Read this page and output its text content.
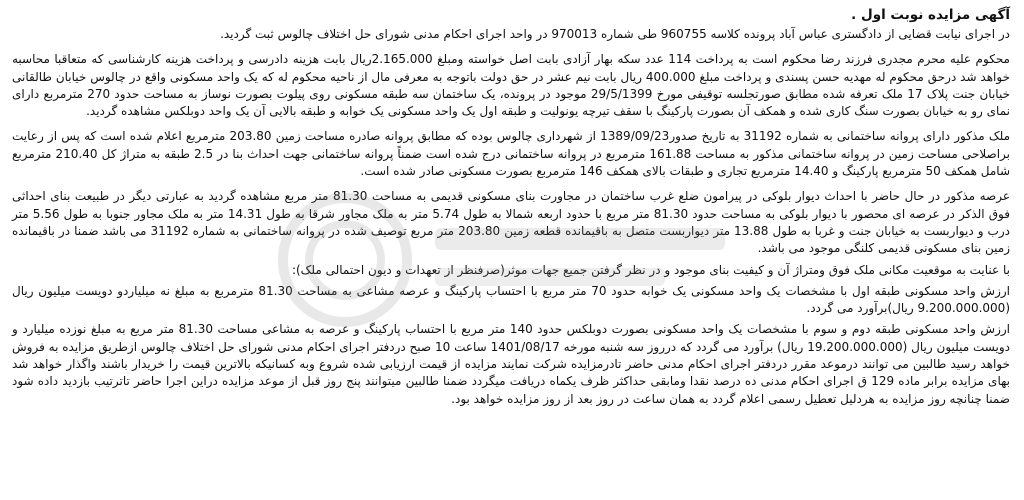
آگهی مزایده نوبت اول .

در اجرای نیابت قضایی از دادگستری عباس آباد پرونده کلاسه 960755 طی شماره 970013 در واحد اجرای احکام مدنی شورای حل اختلاف چالوس ثبت گردید.

محکوم علیه محرم مجدری فرزند رضا محکوم است به پرداخت 114 عدد سکه بهار آزادی بابت اصل خواسته ومبلغ 2.165.000ریال بابت هزینه دادرسی و پرداخت هزینه کارشناسی که متعاقبا محاسبه خواهد شد درحق محکوم له مهدیه حسن پسندی و پرداخت مبلغ 400.000 ریال بابت نیم عشر در حق دولت باتوجه به معرفی مال از ناحیه محکوم له که یک واحد مسکونی واقع در چالوس خیابان طالقانی خیابان جنت پلاک 17 ملک تعرفه شده مطابق صورتجلسه توقیفی مورخ 29/5/1399 موجود در پرونده، یک ساختمان سه طبقه مسکونی روی پیلوت بصورت نوساز به مساحت حدود 270 مترمربع دارای نمای رو به خیابان بصورت سنگ کاری شده و همکف آن بصورت پارکینگ با سقف تیرچه یونولیت و طبقه اول یک واحد مسکونی یک خوابه و طبقه بالایی آن یک واحد دوبلکس مشاهده گردید.

ملک مذکور دارای پروانه ساختمانی به شماره 31192 به تاریخ صدور1389/09/23 از شهرداری چالوس بوده که مطابق پروانه صادره مساحت زمین 203.80 مترمربع اعلام شده است که پس از رعایت براصلاحی مساحت زمین در پروانه ساختمانی مذکور به مساحت 161.88 مترمربع در پروانه ساختمانی درج شده است ضمناً پروانه ساختمانی جهت احداث بنا در 2.5 طبقه به متراژ کل 210.40 مترمربع شامل همکف 50 مترمربع پارکینگ و 14.40 مترمربع تجاری و طبقات بالای همکف 146 مترمربع بصورت مسکونی صادر شده است.

عرصه مذکور در حال حاضر با احداث دیوار بلوکی در پیرامون ضلع غرب ساختمان در مجاورت بنای مسکونی قدیمی به مساحت 81.30 متر مربع مشاهده گردید به عبارتی دیگر در طبیعت بنای احداثی فوق الذکر در عرصه ای محصور با دیوار بلوکی به مساحت حدود 81.30 متر مربع با حدود اربعه شمالا به طول 5.74 متر به ملک مجاور شرقا به طول 14.31 متر به ملک مجاور جنوبا به طول 5.56 متر درب و دیواربست به خیابان جنت و غربا به طول 13.88 متر دیواربست متصل به باقیمانده قطعه زمین 203.80 متر مربع توصیف شده در پروانه ساختمانی به شماره 31192 می باشد ضمنا در باقیمانده زمین بنای مسکونی قدیمی کلنگی موجود می باشد.

با عنایت به موقعیت مکانی ملک فوق ومتراژ آن و کیفیت بنای موجود و در نظر گرفتن جمیع جهات موثر(صرفنظر از تعهدات و دیون احتمالی ملک):

ارزش واحد مسکونی طبقه اول با مشخصات یک واحد مسکونی یک خوابه حدود 70 متر مربع با احتساب پارکینگ و عرصه مشاعی به مساحت 81.30 مترمربع به مبلغ نه میلیاردو دویست میلیون ریال (9.200.000.000 ریال)برآورد می گردد.

ارزش واحد مسکونی طبقه دوم و سوم با مشخصات یک واحد مسکونی بصورت دوبلکس حدود 140 متر مربع با احتساب پارکینگ و عرصه به مشاعی مساحت 81.30 متر مربع به مبلغ نوزده میلیارد و دویست میلیون ریال (19.200.000.000 ریال) برآورد می گردد که درروز سه شنبه مورخه 1401/08/17 ساعت 10 صبح دردفتر اجرای احکام مدنی شورای حل اختلاف چالوس ازطریق مزایده به فروش خواهد رسید طالبین می توانند درموعد مقرر دردفتر اجرای احکام مدنی حاضر تادرمزایده شرکت نمایند مزایده از قیمت ارزیابی شده شروع وبه کسانیکه بالاترین قیمت را خریدار باشند واگذار خواهد شد بهای مزایده برابر ماده 129 ق اجرای احکام مدنی ده درصد نقدا ومابقی حداکثر ظرف یکماه دریافت میگردد ضمنا طالبین میتوانند پنج روز قبل از موعد مزایده دراین اجرا حاضر تاترتیب بازدید داده شود ضمنا چنانچه روز مزایده به هردلیل تعطیل رسمی اعلام گردد به همان ساعت در روز بعد از روز مزایده خواهد بود.
